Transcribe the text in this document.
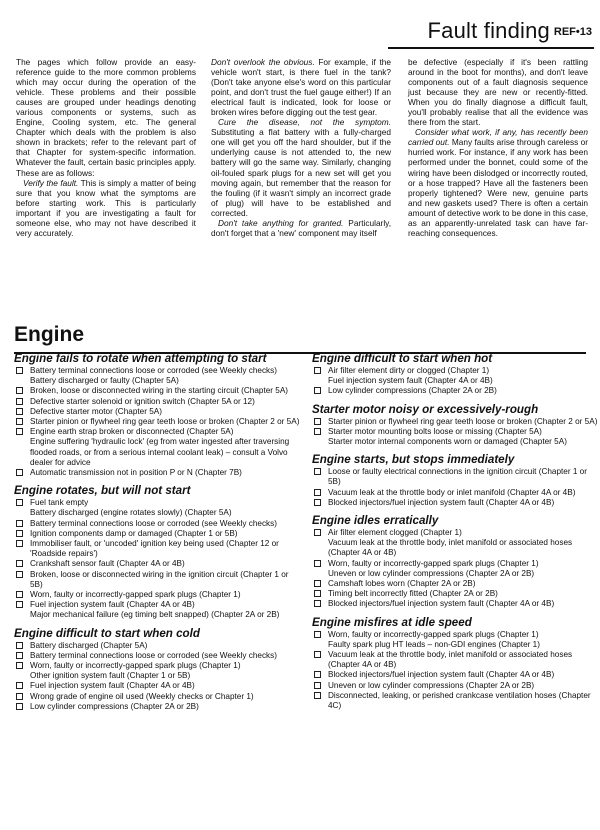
Fault finding REF•13

The pages which follow provide an easy-reference guide to the more common problems which may occur during the operation of the vehicle. These problems and their possible causes are grouped under headings denoting various components or systems, such as Engine, Cooling system, etc. The general Chapter which deals with the problem is also shown in brackets; refer to the relevant part of that Chapter for system-specific information. Whatever the fault, certain basic principles apply. These are as follows:

Verify the fault. This is simply a matter of being sure that you know what the symptoms are before starting work. This is particularly important if you are investigating a fault for someone else, who may not have described it very accurately.

Don't overlook the obvious. For example, if the vehicle won't start, is there fuel in the tank? (Don't take anyone else's word on this particular point, and don't trust the fuel gauge either!) If an electrical fault is indicated, look for loose or broken wires before digging out the test gear.

Cure the disease, not the symptom. Substituting a flat battery with a fully-charged one will get you off the hard shoulder, but if the underlying cause is not attended to, the new battery will go the same way. Similarly, changing oil-fouled spark plugs for a new set will get you moving again, but remember that the reason for the fouling (if it wasn't simply an incorrect grade of plug) will have to be established and corrected.

Don't take anything for granted. Particularly, don't forget that a 'new' component may itself

be defective (especially if it's been rattling around in the boot for months), and don't leave components out of a fault diagnosis sequence just because they are new or recently-fitted. When you do finally diagnose a difficult fault, you'll probably realise that all the evidence was there from the start.

Consider what work, if any, has recently been carried out. Many faults arise through careless or hurried work. For instance, if any work has been performed under the bonnet, could some of the wiring have been dislodged or incorrectly routed, or a hose trapped? Have all the fasteners been properly tightened? Were new, genuine parts and new gaskets used? There is often a certain amount of detective work to be done in this case, as an apparently-unrelated task can have far-reaching consequences.

Engine
Engine fails to rotate when attempting to start
Battery terminal connections loose or corroded (see Weekly checks)
Battery discharged or faulty (Chapter 5A)
Broken, loose or disconnected wiring in the starting circuit (Chapter 5A)
Defective starter solenoid or ignition switch (Chapter 5A or 12)
Defective starter motor (Chapter 5A)
Starter pinion or flywheel ring gear teeth loose or broken (Chapter 2 or 5A)
Engine earth strap broken or disconnected (Chapter 5A)
Engine suffering 'hydraulic lock' (eg from water ingested after traversing flooded roads, or from a serious internal coolant leak) – consult a Volvo dealer for advice
Automatic transmission not in position P or N (Chapter 7B)
Engine rotates, but will not start
Fuel tank empty
Battery discharged (engine rotates slowly) (Chapter 5A)
Battery terminal connections loose or corroded (see Weekly checks)
Ignition components damp or damaged (Chapter 1 or 5B)
Immobiliser fault, or 'uncoded' ignition key being used (Chapter 12 or 'Roadside repairs')
Crankshaft sensor fault (Chapter 4A or 4B)
Broken, loose or disconnected wiring in the ignition circuit (Chapter 1 or 5B)
Worn, faulty or incorrectly-gapped spark plugs (Chapter 1)
Fuel injection system fault (Chapter 4A or 4B)
Major mechanical failure (eg timing belt snapped) (Chapter 2A or 2B)
Engine difficult to start when cold
Battery discharged (Chapter 5A)
Battery terminal connections loose or corroded (see Weekly checks)
Worn, faulty or incorrectly-gapped spark plugs (Chapter 1)
Other ignition system fault (Chapter 1 or 5B)
Fuel injection system fault (Chapter 4A or 4B)
Wrong grade of engine oil used (Weekly checks or Chapter 1)
Low cylinder compressions (Chapter 2A or 2B)
Engine difficult to start when hot
Air filter element dirty or clogged (Chapter 1)
Fuel injection system fault (Chapter 4A or 4B)
Low cylinder compressions (Chapter 2A or 2B)
Starter motor noisy or excessively-rough
Starter pinion or flywheel ring gear teeth loose or broken (Chapter 2 or 5A)
Starter motor mounting bolts loose or missing (Chapter 5A)
Starter motor internal components worn or damaged (Chapter 5A)
Engine starts, but stops immediately
Loose or faulty electrical connections in the ignition circuit (Chapter 1 or 5B)
Vacuum leak at the throttle body or inlet manifold (Chapter 4A or 4B)
Blocked injectors/fuel injection system fault (Chapter 4A or 4B)
Engine idles erratically
Air filter element clogged (Chapter 1)
Vacuum leak at the throttle body, inlet manifold or associated hoses (Chapter 4A or 4B)
Worn, faulty or incorrectly-gapped spark plugs (Chapter 1)
Uneven or low cylinder compressions (Chapter 2A or 2B)
Camshaft lobes worn (Chapter 2A or 2B)
Timing belt incorrectly fitted (Chapter 2A or 2B)
Blocked injectors/fuel injection system fault (Chapter 4A or 4B)
Engine misfires at idle speed
Worn, faulty or incorrectly-gapped spark plugs (Chapter 1)
Faulty spark plug HT leads – non-GDI engines (Chapter 1)
Vacuum leak at the throttle body, inlet manifold or associated hoses (Chapter 4A or 4B)
Blocked injectors/fuel injection system fault (Chapter 4A or 4B)
Uneven or low cylinder compressions (Chapter 2A or 2B)
Disconnected, leaking, or perished crankcase ventilation hoses (Chapter 4C)
